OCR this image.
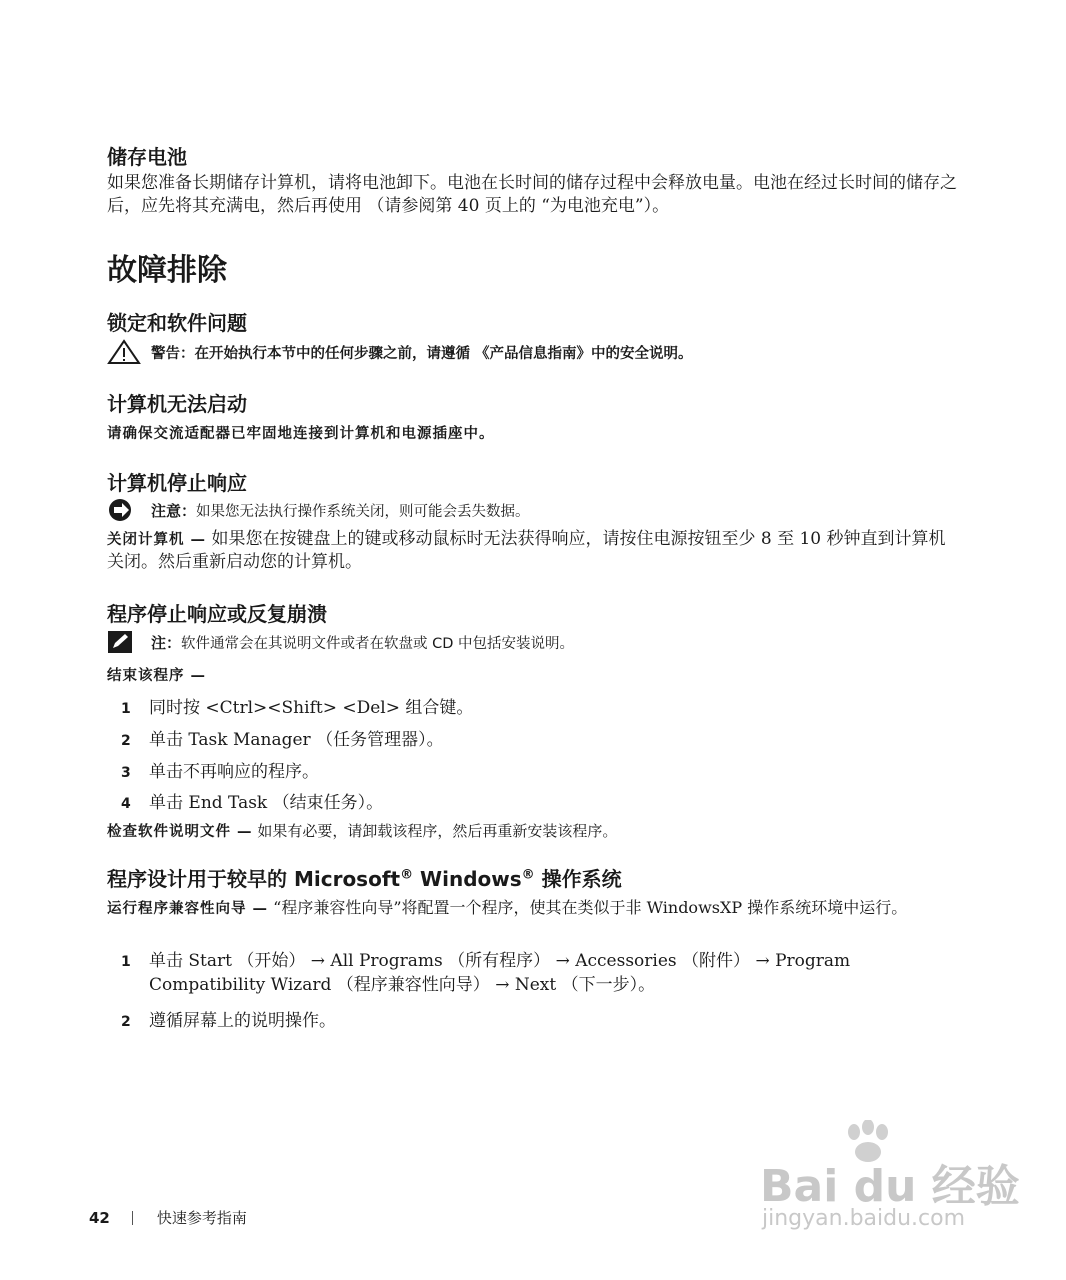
储存电池
如果您准备长期储存计算机，请将电池卸下。电池在长时间的储存过程中会释放电量。电池在经过长时间的储存之后，应先将其充满电，然后再使用 （请参阅第 40 页上的 “为电池充电”）。
故障排除
锁定和软件问题
警告： 在开始执行本节中的任何步骤之前，请遵循 《产品信息指南》中的安全说明。
计算机无法启动
请确保交流适配器已牢固地连接到计算机和电源插座中。
计算机停止响应
注意：如果您无法执行操作系统关闭，则可能会丢失数据。
关闭计算机 — 如果您在按键盘上的键或移动鼠标时无法获得响应，请按住电源按钮至少 8 至 10 秒钟直到计算机关闭。然后重新启动您的计算机。
程序停止响应或反复崩溃
注：软件通常会在其说明文件或者在软盘或 CD 中包括安装说明。
结束该程序 —
1 同时按 <Ctrl><Shift> <Del> 组合键。
2 单击 Task Manager （任务管理器）。
3 单击不再响应的程序。
4 单击 End Task （结束任务）。
检查软件说明文件 — 如果有必要，请卸载该程序，然后再重新安装该程序。
程序设计用于较早的 Microsoft® Windows® 操作系统
运行程序兼容性向导 — “程序兼容性向导”将配置一个程序，使其在类似于非 WindowsXP 操作系统环境中运行。
1 单击 Start （开始） → All Programs （所有程序） → Accessories （附件） → Program
Compatibility Wizard （程序兼容性向导） → Next （下一步）。
2 遵循屏幕上的说明操作。
42	快速参考指南
Bai du 经验
jingyan.baidu.com
